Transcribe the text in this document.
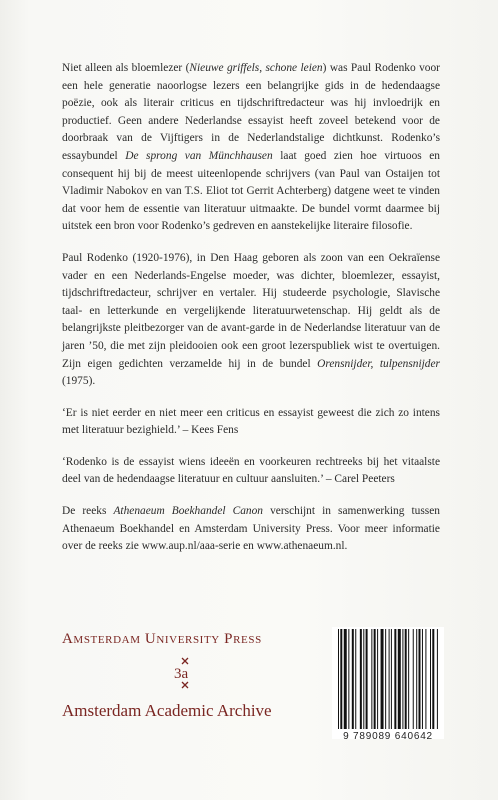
Niet alleen als bloemlezer (Nieuwe griffels, schone leien) was Paul Rodenko voor een hele generatie naoorlogse lezers een belangrijke gids in de hedendaagse poëzie, ook als literair criticus en tijdschriftredacteur was hij invloedrijk en productief. Geen andere Nederlandse essayist heeft zoveel betekend voor de doorbraak van de Vijftigers in de Nederlandstalige dichtkunst. Rodenko’s essaybundel De sprong van Münchhausen laat goed zien hoe virtuoos en consequent hij bij de meest uiteenlopende schrijvers (van Paul van Ostaijen tot Vladimir Nabokov en van T.S. Eliot tot Gerrit Achterberg) datgene weet te vinden dat voor hem de essentie van literatuur uitmaakte. De bundel vormt daarmee bij uitstek een bron voor Rodenko’s gedreven en aanstekelijke literaire filosofie.

Paul Rodenko (1920-1976), in Den Haag geboren als zoon van een Oekraïense vader en een Nederlands-Engelse moeder, was dichter, bloemlezer, essayist, tijdschriftredacteur, schrijver en vertaler. Hij studeerde psychologie, Slavische taal- en letterkunde en vergelijkende literatuurwetenschap. Hij geldt als de belangrijkste pleitbezorger van de avant-garde in de Nederlandse literatuur van de jaren ’50, die met zijn pleidooien ook een groot lezerspubliek wist te overtuigen. Zijn eigen gedichten verzamelde hij in de bundel Orensnijder, tulpensnijder (1975).

‘Er is niet eerder en niet meer een criticus en essayist geweest die zich zo intens met literatuur bezighield.’ – Kees Fens

‘Rodenko is de essayist wiens ideeën en voorkeuren rechtreeks bij het vitaalste deel van de hedendaagse literatuur en cultuur aansluiten.’ – Carel Peeters

De reeks Athenaeum Boekhandel Canon verschijnt in samenwerking tussen Athenaeum Boekhandel en Amsterdam University Press. Voor meer informatie over de reeks zie www.aup.nl/aaa-serie en www.athenaeum.nl.

Amsterdam University Press

3a
Amsterdam Academic Archive
9 789089 640642
